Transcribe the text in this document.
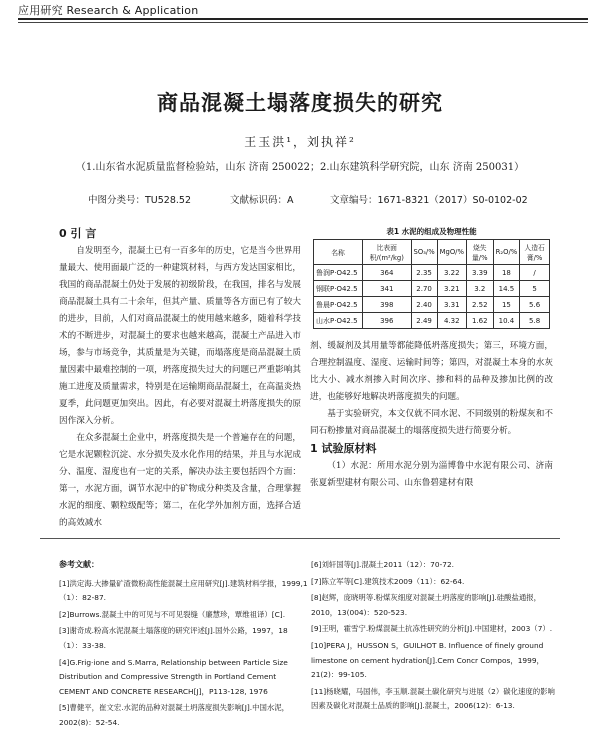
应用研究 Research & Application
商品混凝土塌落度损失的研究
王玉洪¹，刘执祥²
（1.山东省水泥质量监督检验站，山东 济南 250022；2.山东建筑科学研究院，山东 济南 250031）
中图分类号：TU528.52	文献标识码：A	文章编号：1671-8321（2017）S0-0102-02
0 引 言

自发明至今，混凝土已有一百多年的历史，它是当今世界用量最大、使用面最广泛的一种建筑材料，与西方发达国家相比，我国的商品混凝土仍处于发展的初级阶段，在我国，排名与发展商品混凝土具有二十余年，但其产量、质量等各方面已有了较大的进步，目前，人们对商品混凝土的使用越来越多，随着科学技术的不断进步，对混凝土的要求也越来越高，混凝土产品进入市场，参与市场竞争，其质量是为关键，而塌落度是商品混凝土质量因素中最难控制的一项，坍落度损失过大的问题已严重影响其施工进度及质量需求，特别是在运输期商品混凝土，在高温炎热夏季，此问题更加突出。因此，有必要对混凝土坍落度损失的原因作深入分析。

在众多混凝土企业中，坍落度损失是一个普遍存在的问题，它是水泥颗粒沉淀、水分损失及水化作用的结果，并且与水泥成分、温度、湿度也有一定的关系，解决办法主要包括四个方面：第一，水泥方面，调节水泥中的矿物成分种类及含量，合理掌握水泥的细度、颗粒级配等；第二，在化学外加剂方面，选择合适的高效减水

表1 水泥的组成及物理性能
名称	比表面积/(m²/kg)	SO₃/%	MgO/%	烧失量/%	R₂O/%	人造石膏/%
鲁润P·O42.5	364	2.35	3.22	3.39	18	/
钢联P·O42.5	341	2.70	3.21	3.2	14.5	5
鲁晨P·O42.5	398	2.40	3.31	2.52	15	5.6
山水P·O42.5	396	2.49	4.32	1.62	10.4	5.8

剂、缓凝剂及其用量等都能降低坍落度损失；第三，环境方面，合理控制温度、湿度、运输时间等；第四，对混凝土本身的水灰比大小、减水剂掺入时间次序、掺和料的品种及掺加比例的改进，也能够好地解决坍落度损失的问题。

基于实验研究，本文仅就不同水泥、不同级别的粉煤灰和不同石粉掺量对商品混凝土的塌落度损失进行简要分析。

1 试验原材料

（1）水泥：所用水泥分别为淄博鲁中水泥有限公司、济南张夏新型建材有限公司、山东鲁碧建材有限

参考文献：
[1]洪定海.大掺量矿渣微粉高性能混凝土应用研究[J].建筑材料学报，1999,1（1）：82-87.
[2]Burrows.混凝土中的可见与不可见裂缝（廉慧珍，覃维祖译）[C].
[3]谢奇成.粉高水泥混凝土塌落度的研究评述[J].国外公路，1997，18（1）：33-38.
[4]G.Frig·ione and S.Marra, Relationship between Particle Size Distribution and Compressive Strength in Portland Cement CEMENT AND CONCRETE RESEARCH[J]，P113-128, 1976
[5]曹健平，崔文宏.水泥的品种对混凝土坍落度损失影响[J].中国水泥，2002(8)：52-54.
[6]刘轩国等[J].混凝土2011（12）：70-72.
[7]陈立军等[C].建筑技术2009（11）：62-64.
[8]赵辉，庞晓明等.粉煤灰细度对混凝土坍落度的影响[J].硅酸盐通报，2010，13(004)：520-523.
[9]王明，霍雪宁.粉煤混凝土抗冻性研究的分析[J].中国建材，2003（7）.
[10]PERA J，HUSSON S，GUILHOT B. Influence of finely ground limestone on cement hydration[J].Cem Concr Compos，1999，21(2)：99-105.
[11]杨晓耀，马国伟，李玉顺.混凝土碳化研究与进展（2）碳化速度的影响因素及碳化对混凝土品质的影响[J].混凝土，2006(12)：6-13.
